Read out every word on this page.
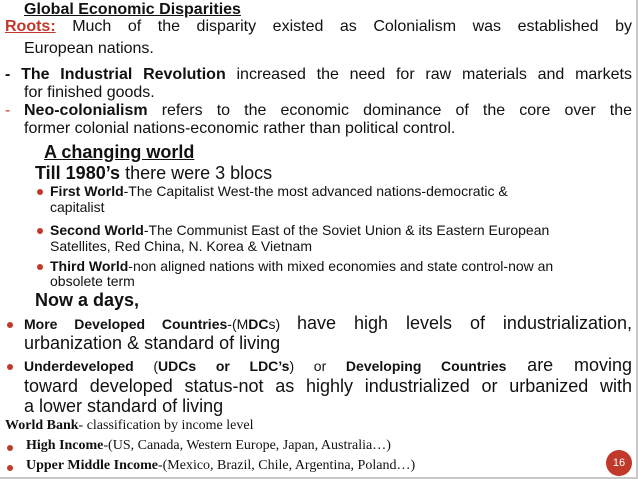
Global Economic Disparities
Roots: Much of the disparity existed as Colonialism was established by
European nations.
- The Industrial Revolution increased the need for raw materials and markets
for finished goods.
- Neo-colonialism refers to the economic dominance of the core over the
former colonial nations-economic rather than political control.
A changing world
Till 1980’s there were 3 blocs
First World-The Capitalist West-the most advanced nations-democratic &
capitalist
Second World-The Communist East of the Soviet Union & its Eastern European
Satellites, Red China, N. Korea & Vietnam
Third World-non aligned nations with mixed economies and state control-now an
obsolete term
Now a days,
More Developed Countries-(MDCs) have high levels of industrialization,
urbanization & standard of living
Underdeveloped (UDCs or LDC’s) or Developing Countries are moving
toward developed status-not as highly industrialized or urbanized with
a lower standard of living
World Bank- classification by income level
High Income-(US, Canada, Western Europe, Japan, Australia…)
Upper Middle Income-(Mexico, Brazil, Chile, Argentina, Poland…)	16
